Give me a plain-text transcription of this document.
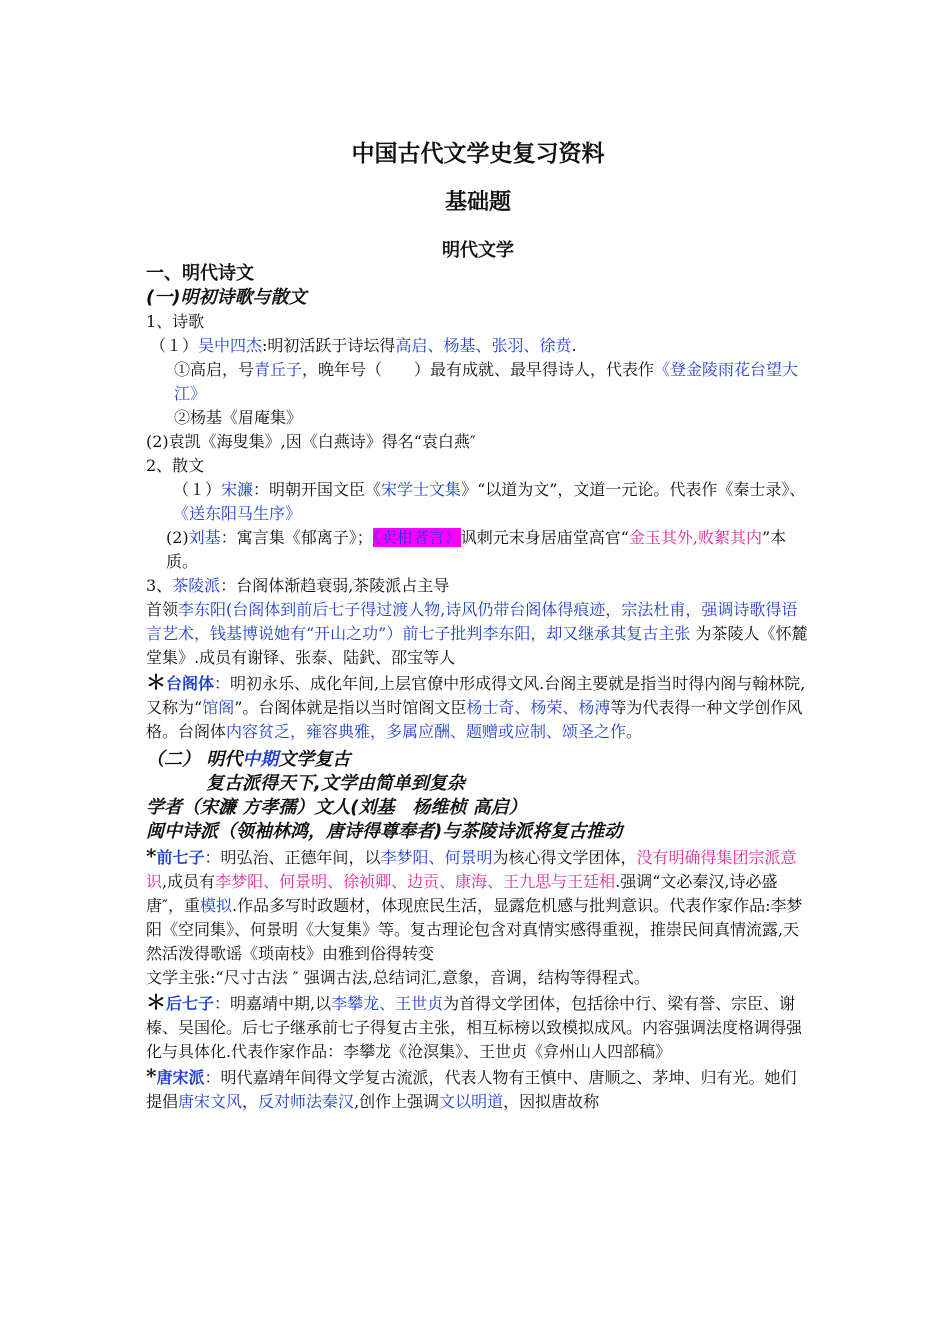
中国古代文学史复习资料
基础题
明代文学

一、明代诗文

(一)明初诗歌与散文

1、诗歌

（１）吴中四杰:明初活跃于诗坛得高启、杨基、张羽、徐贲.

①高启，号青丘子，晚年号（　　）最有成就、最早得诗人，代表作《登金陵雨花台望大江》

②杨基《眉庵集》

(2)袁凯《海叟集》,因《白燕诗》得名“袁白燕″

2、散文

（１）宋濂：明朝开国文臣《宋学士文集》“以道为文”，文道一元论。代表作《秦士录》、《送东阳马生序》

(2)刘基：寓言集《郁离子》；《卖柑者言》讽刺元末身居庙堂高官“金玉其外,败絮其内”本质。

3、茶陵派：台阁体渐趋衰弱,茶陵派占主导

首领李东阳(台阁体到前后七子得过渡人物,诗风仍带台阁体得痕迹，宗法杜甫，强调诗歌得语言艺术，钱基博说她有“开山之功”）前七子批判李东阳，却又继承其复古主张 为茶陵人《怀麓堂集》.成员有谢铎、张泰、陆釴、邵宝等人

＊台阁体：明初永乐、成化年间,上层官僚中形成得文风.台阁主要就是指当时得内阁与翰林院,又称为“馆阁”。台阁体就是指以当时馆阁文臣杨士奇、杨荣、杨溥等为代表得一种文学创作风格。台阁体内容贫乏，雍容典雅，多属应酬、题赠或应制、颂圣之作。

（二） 明代中期文学复古

复古派得天下,文学由简单到复杂

学者（宋濂 方孝孺）文人(刘基　杨维桢 高启）

闽中诗派（领袖林鸿，唐诗得尊奉者)与茶陵诗派将复古推动

*前七子：明弘治、正德年间，以李梦阳、何景明为核心得文学团体，没有明确得集团宗派意识,成员有李梦阳、何景明、徐祯卿、边贡、康海、王九思与王廷相.强调“文必秦汉,诗必盛唐″，重模拟.作品多写时政题材，体现庶民生活，显露危机感与批判意识。代表作家作品:李梦阳《空同集》、何景明《大复集》等。复古理论包含对真情实感得重视，推崇民间真情流露,天然活泼得歌谣《琐南枝》由雅到俗得转变

文学主张:“尺寸古法 ″ 强调古法,总结词汇,意象，音调，结构等得程式。

＊后七子：明嘉靖中期,以李攀龙、王世贞为首得文学团体，包括徐中行、梁有誉、宗臣、谢榛、吴国伦。后七子继承前七子得复古主张，相互标榜以致模拟成风。内容强调法度格调得强化与具体化.代表作家作品：李攀龙《沧溟集》、王世贞《弇州山人四部稿》

*唐宋派：明代嘉靖年间得文学复古流派，代表人物有王慎中、唐顺之、茅坤、归有光。她们提倡唐宋文风，反对师法秦汉,创作上强调文以明道，因拟唐故称
